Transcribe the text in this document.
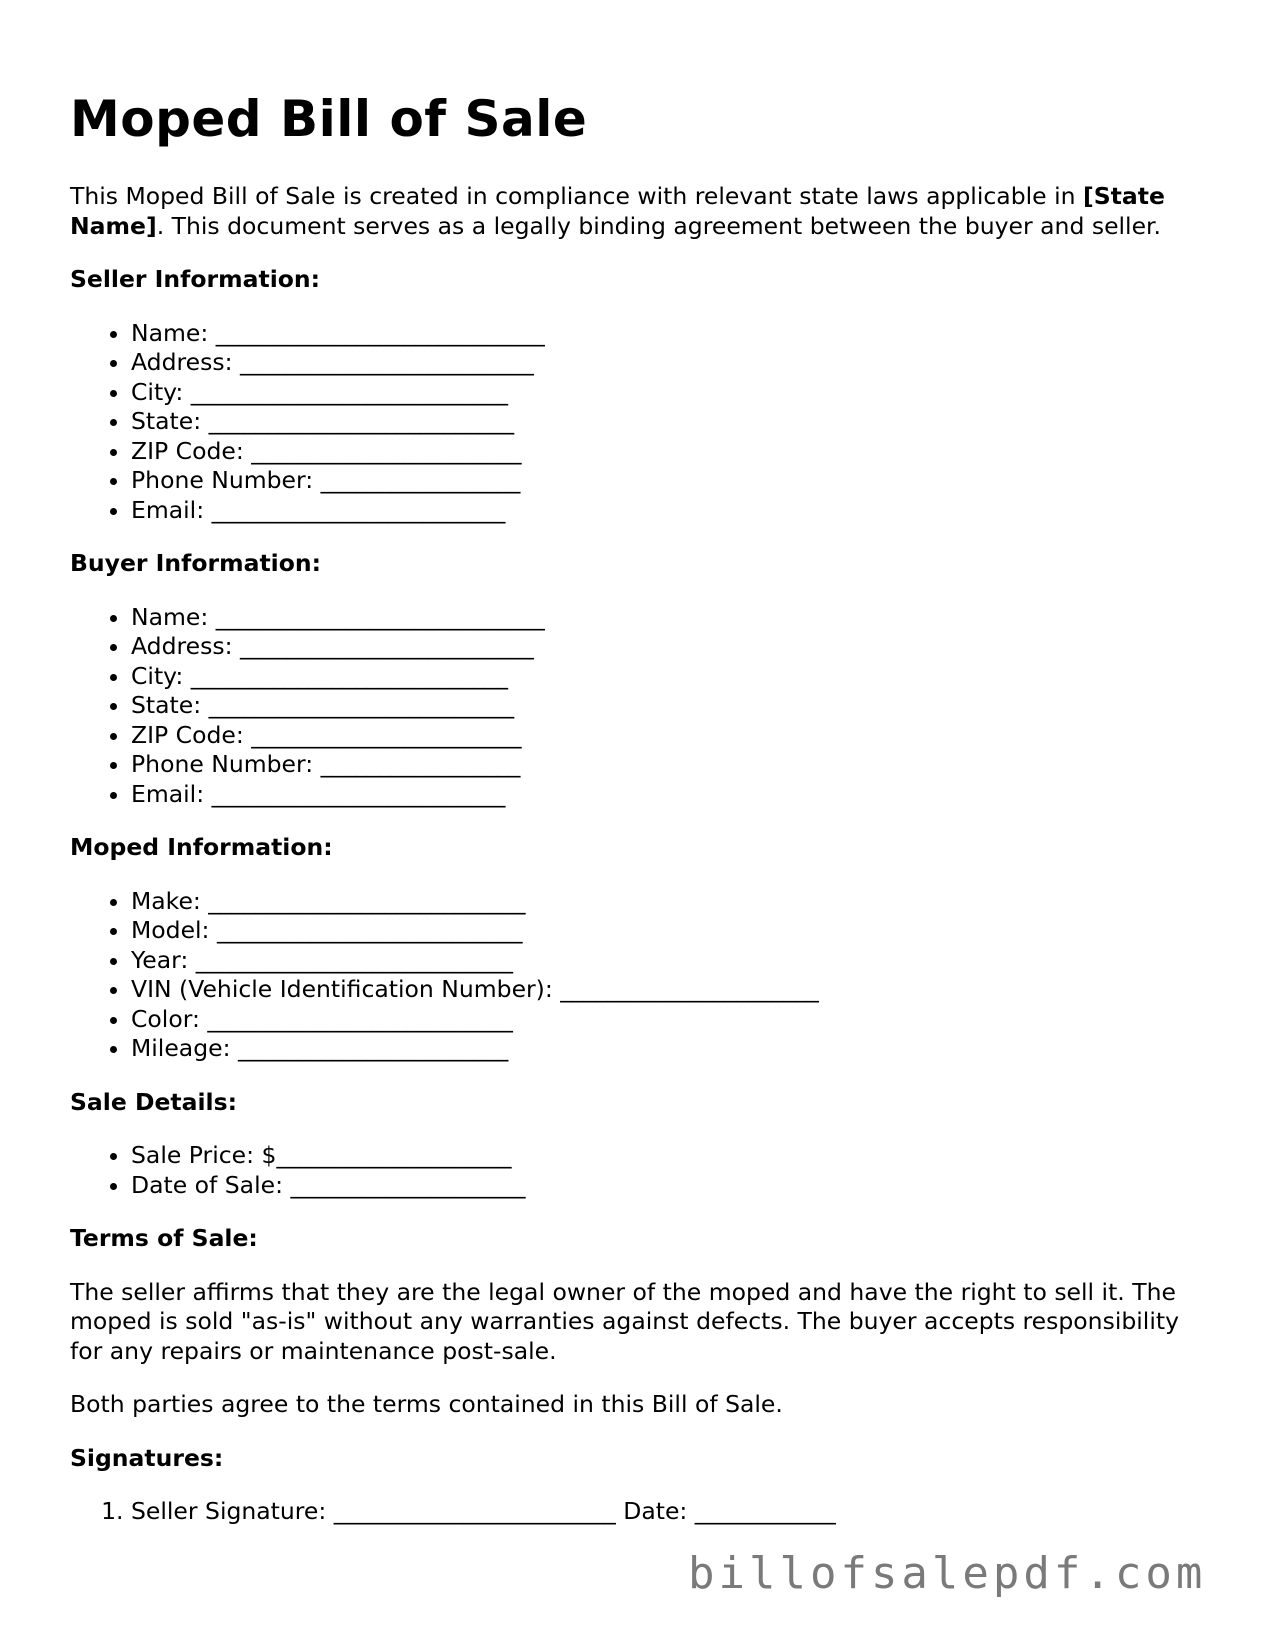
Moped Bill of Sale
This Moped Bill of Sale is created in compliance with relevant state laws applicable in [State Name]. This document serves as a legally binding agreement between the buyer and seller.
Seller Information:
• Name: ____________________________
• Address: _________________________
• City: ___________________________
• State: __________________________
• ZIP Code: _______________________
• Phone Number: _________________
• Email: _________________________
Buyer Information:
• Name: ____________________________
• Address: _________________________
• City: ___________________________
• State: __________________________
• ZIP Code: _______________________
• Phone Number: _________________
• Email: _________________________
Moped Information:
• Make: ___________________________
• Model: __________________________
• Year: ___________________________
• VIN (Vehicle Identification Number): ______________________
• Color: __________________________
• Mileage: _______________________
Sale Details:
• Sale Price: $____________________
• Date of Sale: ____________________
Terms of Sale:

The seller affirms that they are the legal owner of the moped and have the right to sell it. The moped is sold "as-is" without any warranties against defects. The buyer accepts responsibility for any repairs or maintenance post-sale.

Both parties agree to the terms contained in this Bill of Sale.

Signatures:
1. Seller Signature: ________________________ Date: ____________
billofsalepdf.com
